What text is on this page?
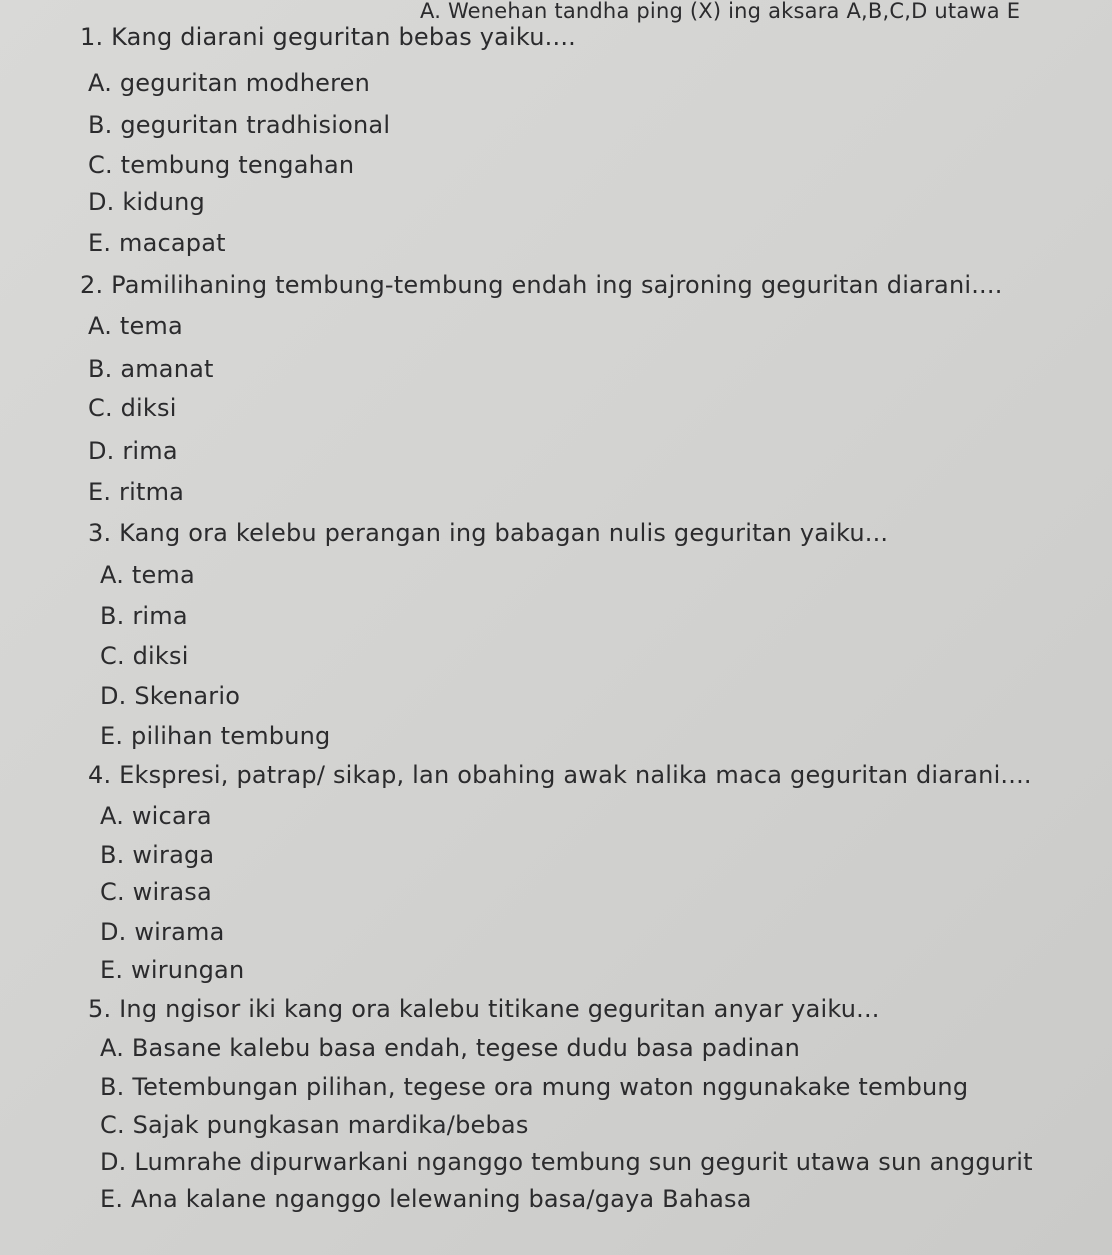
A. Wenehan tandha ping (X) ing aksara A,B,C,D utawa E
1. Kang diarani geguritan bebas yaiku....
A. geguritan modheren
B. geguritan tradhisional
C. tembung tengahan
D. kidung
E. macapat
2. Pamilihaning tembung-tembung endah ing sajroning geguritan diarani....
A. tema
B. amanat
C. diksi
D. rima
E. ritma
3. Kang ora kelebu perangan ing babagan nulis geguritan yaiku...
A. tema
B. rima
C. diksi
D. Skenario
E. pilihan tembung
4. Ekspresi, patrap/ sikap, lan obahing awak nalika maca geguritan diarani....
A. wicara
B. wiraga
C. wirasa
D. wirama
E. wirungan
5. Ing ngisor iki kang ora kalebu titikane geguritan anyar yaiku...
A. Basane kalebu basa endah, tegese dudu basa padinan
B. Tetembungan pilihan, tegese ora mung waton nggunakake tembung
C. Sajak pungkasan mardika/bebas
D. Lumrahe dipurwarkani nganggo tembung sun gegurit utawa sun anggurit
E. Ana kalane nganggo lelewaning basa/gaya Bahasa
